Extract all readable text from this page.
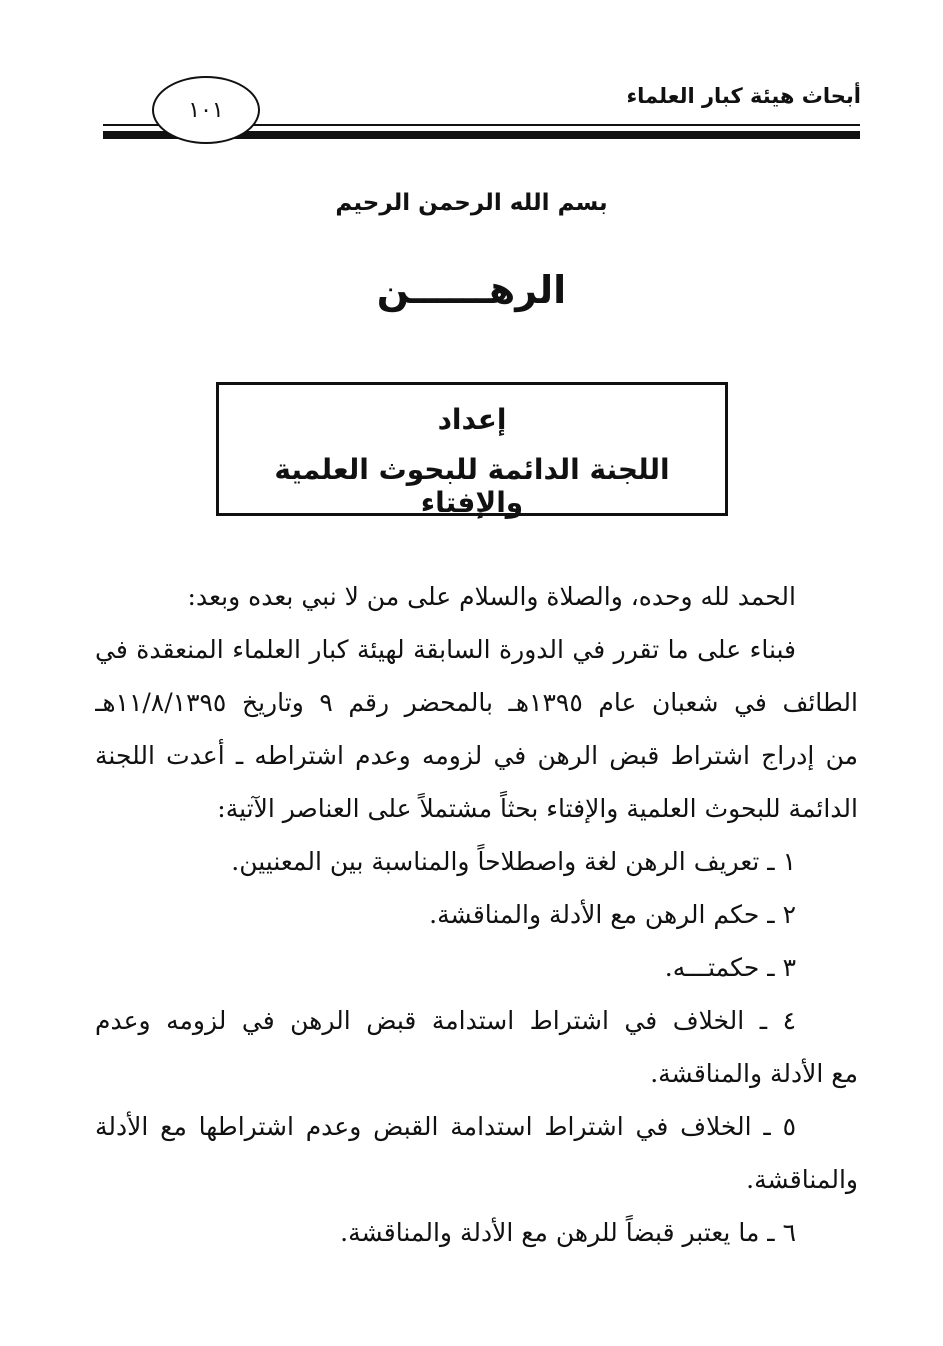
أبحاث هيئة كبار العلماء
١٠١
بسم الله الرحمن الرحيم
الرهــــــن
إعداد
اللجنة الدائمة للبحوث العلمية والإفتاء
الحمد لله وحده، والصلاة والسلام على من لا نبي بعده وبعد:
فبناء على ما تقرر في الدورة السابقة لهيئة كبار العلماء المنعقدة في
الطائف في شعبان عام ١٣٩٥هـ بالمحضر رقم ٩ وتاريخ ١١/٨/١٣٩٥هـ
من إدراج اشتراط قبض الرهن في لزومه وعدم اشتراطه ـ أعدت اللجنة
الدائمة للبحوث العلمية والإفتاء بحثاً مشتملاً على العناصر الآتية:
١ ـ تعريف الرهن لغة واصطلاحاً والمناسبة بين المعنيين.
٢ ـ حكم الرهن مع الأدلة والمناقشة.
٣ ـ حكمتـــه.
٤ ـ الخلاف في اشتراط استدامة قبض الرهن في لزومه وعدم
مع الأدلة والمناقشة.
٥ ـ الخلاف في اشتراط استدامة القبض وعدم اشتراطها مع الأدلة
والمناقشة.
٦ ـ ما يعتبر قبضاً للرهن مع الأدلة والمناقشة.
